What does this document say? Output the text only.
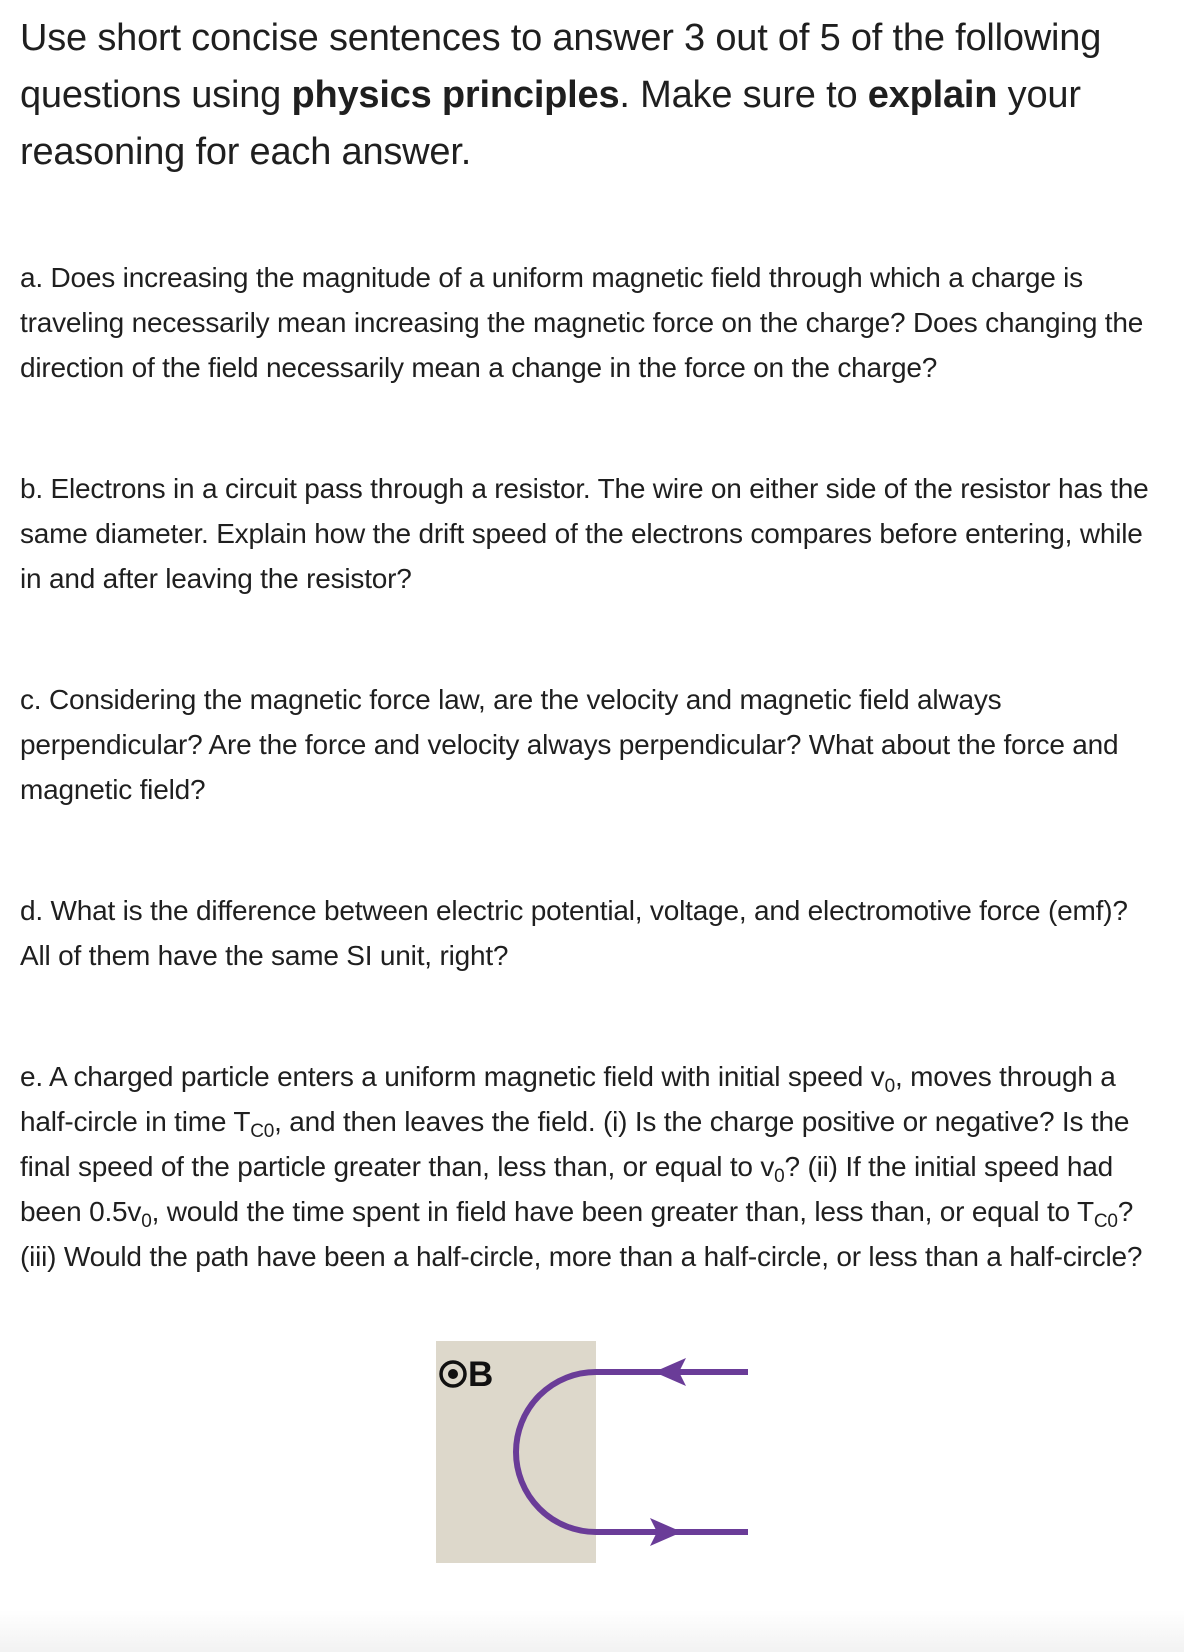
Use short concise sentences to answer 3 out of 5 of the following questions using physics principles. Make sure to explain your reasoning for each answer.
a. Does increasing the magnitude of a uniform magnetic field through which a charge is traveling necessarily mean increasing the magnetic force on the charge? Does changing the direction of the field necessarily mean a change in the force on the charge?
b. Electrons in a circuit pass through a resistor. The wire on either side of the resistor has the same diameter. Explain how the drift speed of the electrons compares before entering, while in and after leaving the resistor?
c. Considering the magnetic force law, are the velocity and magnetic field always perpendicular? Are the force and velocity always perpendicular? What about the force and magnetic field?
d. What is the difference between electric potential, voltage, and electromotive force (emf)? All of them have the same SI unit, right?
e. A charged particle enters a uniform magnetic field with initial speed $v_0$, moves through a half-circle in time $T_{C0}$, and then leaves the field. (i) Is the charge positive or negative? Is the final speed of the particle greater than, less than, or equal to $v_0$? (ii) If the initial speed had been $0.5v_0$, would the time spent in field have been greater than, less than, or equal to $T_{C0}$? (iii) Would the path have been a half-circle, more than a half-circle, or less than a half-circle?
B
